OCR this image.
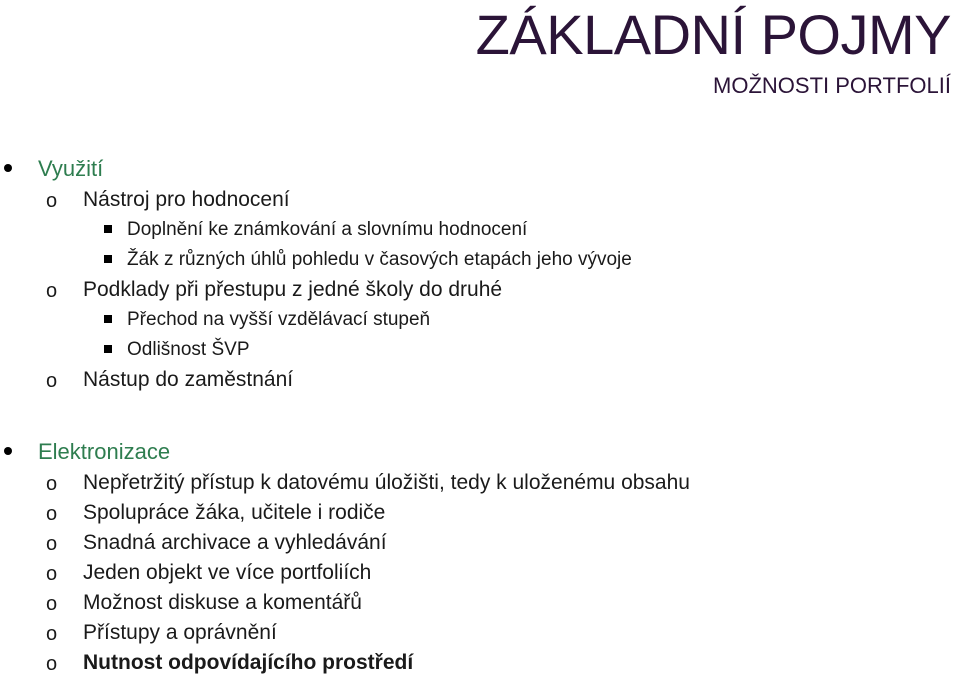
ZÁKLADNÍ POJMY
MOŽNOSTI PORTFOLIÍ
Využití
o Nástroj pro hodnocení
Doplnění ke známkování a slovnímu hodnocení
Žák z různých úhlů pohledu v časových etapách jeho vývoje
o Podklady při přestupu z jedné školy do druhé
Přechod na vyšší vzdělávací stupeň
Odlišnost ŠVP
o Nástup do zaměstnání
Elektronizace
o Nepřetržitý přístup k datovému úložišti, tedy k uloženému obsahu
o Spolupráce žáka, učitele i rodiče
o Snadná archivace a vyhledávání
o Jeden objekt ve více portfoliích
o Možnost diskuse a komentářů
o Přístupy a oprávnění
o Nutnost odpovídajícího prostředí
